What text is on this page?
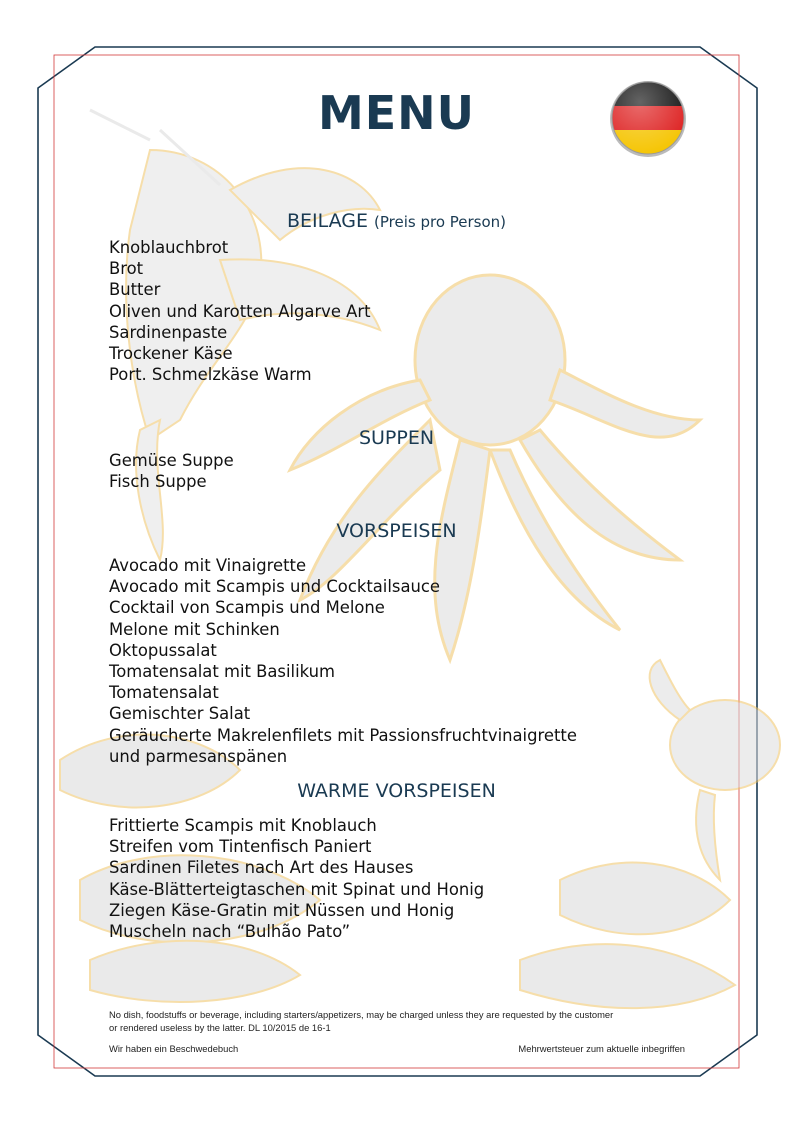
MENU
BEILAGE (Preis pro Person)
Knoblauchbrot
Brot
Butter
Oliven und Karotten Algarve Art
Sardinenpaste
Trockener Käse
Port. Schmelzkäse Warm
SUPPEN
Gemüse Suppe
Fisch Suppe
VORSPEISEN
Avocado mit Vinaigrette
Avocado mit Scampis und Cocktailsauce
Cocktail von Scampis und Melone
Melone mit Schinken
Oktopussalat
Tomatensalat mit Basilikum
Tomatensalat
Gemischter Salat
Geräucherte Makrelenfilets mit Passionsfruchtvinaigrette
und parmesanspänen
WARME VORSPEISEN
Frittierte Scampis mit Knoblauch
Streifen vom Tintenfisch Paniert
Sardinen Filetes nach Art des Hauses
Käse-Blätterteigtaschen mit Spinat und Honig
Ziegen Käse-Gratin mit Nüssen und Honig
Muscheln nach “Bulhão Pato”
No dish, foodstuffs or beverage, including starters/appetizers, may be charged unless they are requested by the customer
or rendered useless by the latter. DL 10/2015 de 16-1
Wir haben ein Beschwedebuch	Mehrwertsteuer zum aktuelle inbegriffen
